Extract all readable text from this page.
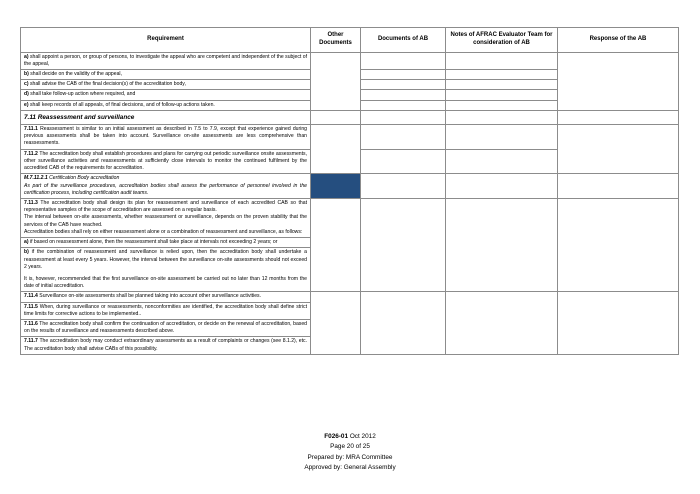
Requirement	Other Documents	Documents of AB	Notes of AFRAC Evaluator Team for consideration of AB	Response of the AB
a) shall appoint a person, or group of persons, to investigate the appeal who are competent and independent of the subject of the appeal,				
b) shall decide on the validity of the appeal,				
c) shall advise the CAB of the final decision(s) of the accreditation body,				
d) shall take follow-up action where required, and				
e) shall keep records of all appeals, of final decisions, and of follow-up actions taken.				
7.11 Reassessment and surveillance				
7.11.1 Reassessment is similar to an initial assessment as described in 7.5 to 7.9, except that experience gained during previous assessments shall be taken into account. Surveillance on-site assessments are less comprehensive than reassessments.				
7.11.2 The accreditation body shall establish procedures and plans for carrying out periodic surveillance onsite assessments, other surveillance activities and reassessments at sufficiently close intervals to monitor the continued fulfilment by the accredited CAB of the requirements for accreditation.				

M.7.11.2.1 Certification Body accreditation
As part of the surveillance procedures, accreditation bodies shall assess the performance of personnel involved in the certification process, including certification audit teams.				

7.11.3 The accreditation body shall design its plan for reassessment and surveillance of each accredited CAB so that representative samples of the scope of accreditation are assessed on a regular basis.
The interval between on-site assessments, whether reassessment or surveillance, depends on the proven stability that the services of the CAB have reached.
Accreditation bodies shall rely on either reassessment alone or a combination of reassessment and surveillance, as follows:				

a) if based on reassessment alone, then the reassessment shall take place at intervals not exceeding 2 years; or				

b) if the combination of reassessment and surveillance is relied upon, then the accreditation body shall undertake a reassessment at least every 5 years. However, the interval between the surveillance on-site assessments should not exceed 2 years.
It is, however, recommended that the first surveillance on-site assessment be carried out no later than 12 months from the date of initial accreditation.				

7.11.4 Surveillance on-site assessments shall be planned taking into account other surveillance activities.				
7.11.5 When, during surveillance or reassessments, nonconformities are identified, the accreditation body shall define strict time limits for corrective actions to be implemented..				
7.11.6 The accreditation body shall confirm the continuation of accreditation, or decide on the renewal of accreditation, based on the results of surveillance and reassessments described above.				
7.11.7 The accreditation body may conduct extraordinary assessments as a result of complaints or changes (see 8.1.2), etc. The accreditation body shall advise CABs of this possibility.				
F026-01 Oct 2012
Page 20 of 25
Prepared by: MRA Committee
Approved by: General Assembly
